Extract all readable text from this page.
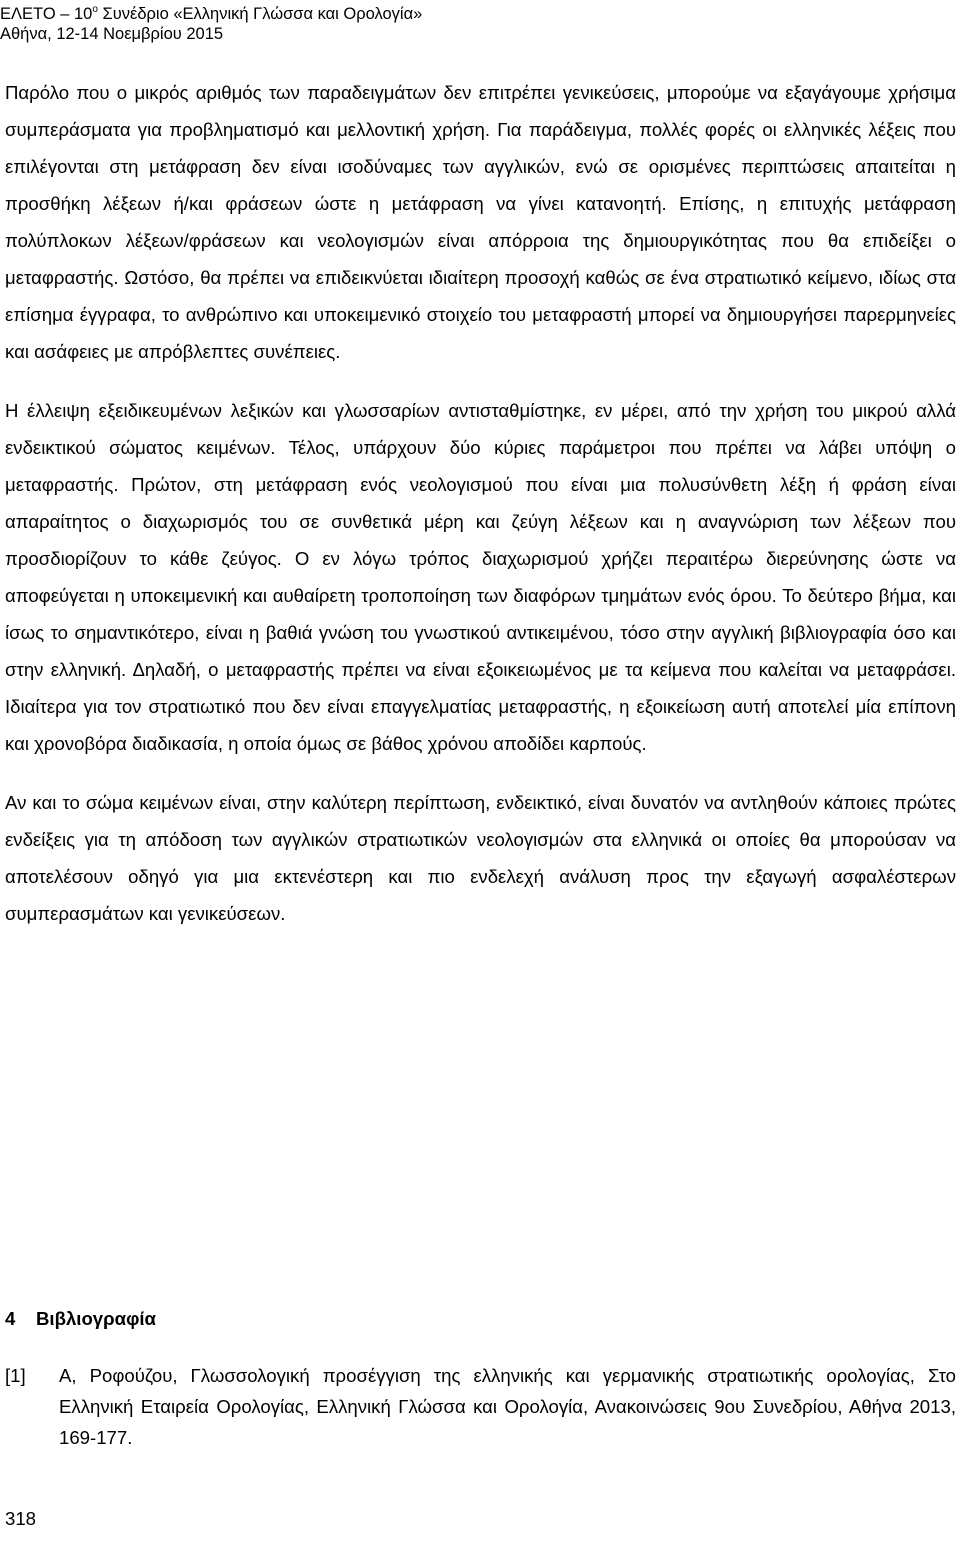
ΕΛΕΤΟ – $10^o$ Συνέδριο «Ελληνική Γλώσσα και Ορολογία»
Αθήνα, 12-14 Νοεμβρίου 2015

Παρόλο που ο μικρός αριθμός των παραδειγμάτων δεν επιτρέπει γενικεύσεις, μπορούμε να εξαγάγουμε χρήσιμα συμπεράσματα για προβληματισμό και μελλοντική χρήση. Για παράδειγμα, πολλές φορές οι ελληνικές λέξεις που επιλέγονται στη μετάφραση δεν είναι ισοδύναμες των αγγλικών, ενώ σε ορισμένες περιπτώσεις απαιτείται η προσθήκη λέξεων ή/και φράσεων ώστε η μετάφραση να γίνει κατανοητή. Επίσης, η επιτυχής μετάφραση πολύπλοκων λέξεων/φράσεων και νεολογισμών είναι απόρροια της δημιουργικότητας που θα επιδείξει ο μεταφραστής. Ωστόσο, θα πρέπει να επιδεικνύεται ιδιαίτερη προσοχή καθώς σε ένα στρατιωτικό κείμενο, ιδίως στα επίσημα έγγραφα, το ανθρώπινο και υποκειμενικό στοιχείο του μεταφραστή μπορεί να δημιουργήσει παρερμηνείες και ασάφειες με απρόβλεπτες συνέπειες.

Η έλλειψη εξειδικευμένων λεξικών και γλωσσαρίων αντισταθμίστηκε, εν μέρει, από την χρήση του μικρού αλλά ενδεικτικού σώματος κειμένων. Τέλος, υπάρχουν δύο κύριες παράμετροι που πρέπει να λάβει υπόψη ο μεταφραστής. Πρώτον, στη μετάφραση ενός νεολογισμού που είναι μια πολυσύνθετη λέξη ή φράση είναι απαραίτητος ο διαχωρισμός του σε συνθετικά μέρη και ζεύγη λέξεων και η αναγνώριση των λέξεων που προσδιορίζουν το κάθε ζεύγος. Ο εν λόγω τρόπος διαχωρισμού χρήζει περαιτέρω διερεύνησης ώστε να αποφεύγεται η υποκειμενική και αυθαίρετη τροποποίηση των διαφόρων τμημάτων ενός όρου. Το δεύτερο βήμα, και ίσως το σημαντικότερο, είναι η βαθιά γνώση του γνωστικού αντικειμένου, τόσο στην αγγλική βιβλιογραφία όσο και στην ελληνική. Δηλαδή, ο μεταφραστής πρέπει να είναι εξοικειωμένος με τα κείμενα που καλείται να μεταφράσει. Ιδιαίτερα για τον στρατιωτικό που δεν είναι επαγγελματίας μεταφραστής, η εξοικείωση αυτή αποτελεί μία επίπονη και χρονοβόρα διαδικασία, η οποία όμως σε βάθος χρόνου αποδίδει καρπούς.

Αν και το σώμα κειμένων είναι, στην καλύτερη περίπτωση, ενδεικτικό, είναι δυνατόν να αντληθούν κάποιες πρώτες ενδείξεις για τη απόδοση των αγγλικών στρατιωτικών νεολογισμών στα ελληνικά οι οποίες θα μπορούσαν να αποτελέσουν οδηγό για μια εκτενέστερη και πιο ενδελεχή ανάλυση προς την εξαγωγή ασφαλέστερων συμπερασμάτων και γενικεύσεων.

4 Βιβλιογραφία
[1] Α, Ροφούζου, Γλωσσολογική προσέγγιση της ελληνικής και γερμανικής στρατιωτικής ορολογίας, Στο Ελληνική Εταιρεία Ορολογίας, Ελληνική Γλώσσα και Ορολογία, Ανακοινώσεις 9ου Συνεδρίου, Αθήνα 2013, 169-177.
318
